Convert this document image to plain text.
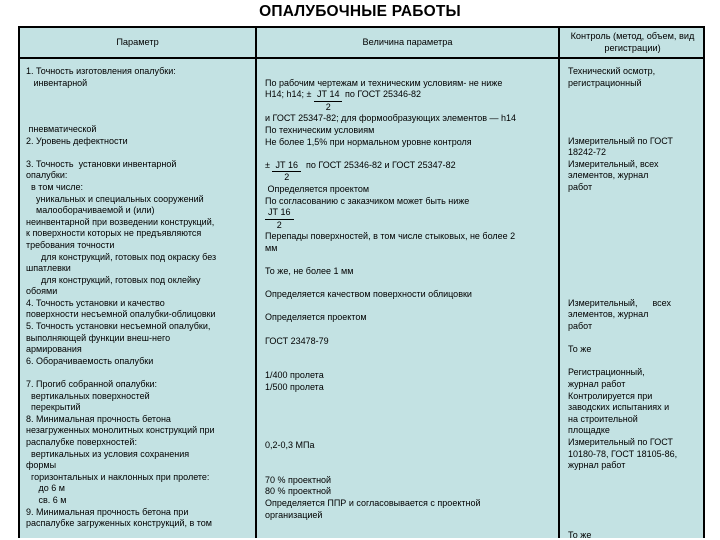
ОПАЛУБОЧНЫЕ РАБОТЫ
Параметр	Величина параметра
Контроль (метод, объем, вид регистрации)
1. Точность изготовления опалубки:
инвентарной
пневматической
2. Уровень дефектности
3. Точность  установки инвентарной
опалубки:
в том числе:
уникальных и специальных сооружений
малооборачиваемой и (или)
неинвентарной при возведении конструкций,
к поверхности которых не предъявляются
требования точности
для конструкций, готовых под окраску без
шпатлевки
для конструкций, готовых под оклейку
обоями
4. Точность установки и качество
поверхности несъемной опалубки-облицовки
5. Точность установки несъемной опалубки,
выполняющей функции внеш-него
армирования
6. Оборачиваемость опалубки
7. Прогиб собранной опалубки:
вертикальных поверхностей
перекрытий
8. Минимальная прочность бетона
незагруженных монолитных конструкций при
распалубке поверхностей:
вертикальных из условия сохранения
формы
горизонтальных и наклонных при пролете:
до 6 м
св. 6 м
9. Минимальная прочность бетона при
распалубке загруженных конструкций, в том
По рабочим чертежам и техническим условиям- не ниже
Н14; h14; ± $\frac{ЈТ 14}{2}$ по ГОСТ 25346-82
и ГОСТ 25347-82; для формообразующих элементов — h14
По техническим условиям
Не более 1,5% при нормальном уровне контроля
± $\frac{ЈТ 16}{2}$ по ГОСТ 25346-82 и ГОСТ 25347-82
Определяется проектом
По согласованию с заказчиком может быть ниже
$\frac{ЈТ 16}{2}$
Перепады поверхностей, в том числе стыковых, не более 2
мм
То же, не более 1 мм
Определяется качеством поверхности облицовки
Определяется проектом
ГОСТ 23478-79
1/400 пролета
1/500 пролета
0,2-0,3 МПа
70 % проектной
80 % проектной
Определяется ППР и согласовывается с проектной
организацией
Технический осмотр,
регистрационный
Измерительный по ГОСТ
18242-72
Измерительный, всех
элементов, журнал
работ
Измерительный,      всех
элементов, журнал
работ
То же
Регистрационный,
журнал работ
Контролируется при
заводских испытаниях и
на строительной
площадке
Измерительный по ГОСТ
10180-78, ГОСТ 18105-86,
журнал работ
То же
